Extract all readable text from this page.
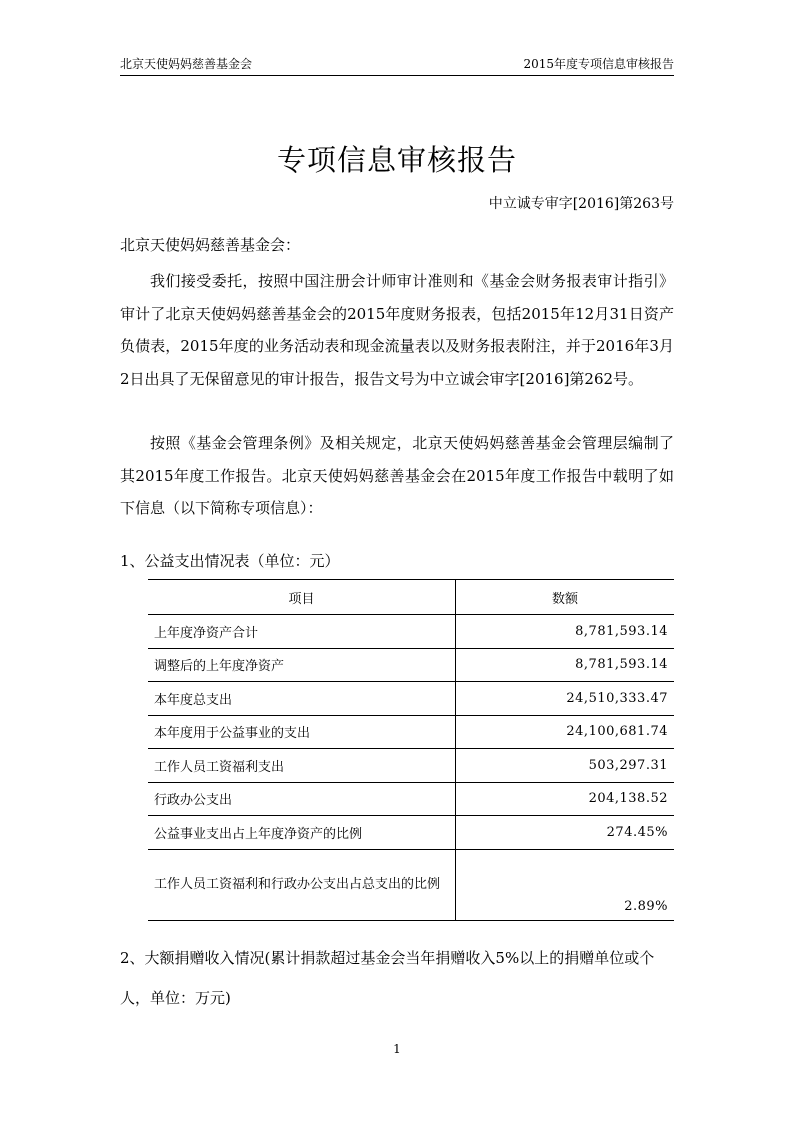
北京天使妈妈慈善基金会	2015年度专项信息审核报告
专项信息审核报告
中立诚专审字[2016]第263号
北京天使妈妈慈善基金会：

我们接受委托，按照中国注册会计师审计准则和《基金会财务报表审计指引》审计了北京天使妈妈慈善基金会的2015年度财务报表，包括2015年12月31日资产负债表，2015年度的业务活动表和现金流量表以及财务报表附注，并于2016年3月2日出具了无保留意见的审计报告，报告文号为中立诚会审字[2016]第262号。

按照《基金会管理条例》及相关规定，北京天使妈妈慈善基金会管理层编制了其2015年度工作报告。北京天使妈妈慈善基金会在2015年度工作报告中载明了如下信息（以下简称专项信息）：

1、公益支出情况表（单位：元）
项目	数额
上年度净资产合计	8,781,593.14
调整后的上年度净资产	8,781,593.14
本年度总支出	24,510,333.47
本年度用于公益事业的支出	24,100,681.74
工作人员工资福利支出	503,297.31
行政办公支出	204,138.52
公益事业支出占上年度净资产的比例	274.45%
工作人员工资福利和行政办公支出占总支出的比例	2.89%
2、大额捐赠收入情况(累计捐款超过基金会当年捐赠收入5%以上的捐赠单位或个人，单位：万元)
1
